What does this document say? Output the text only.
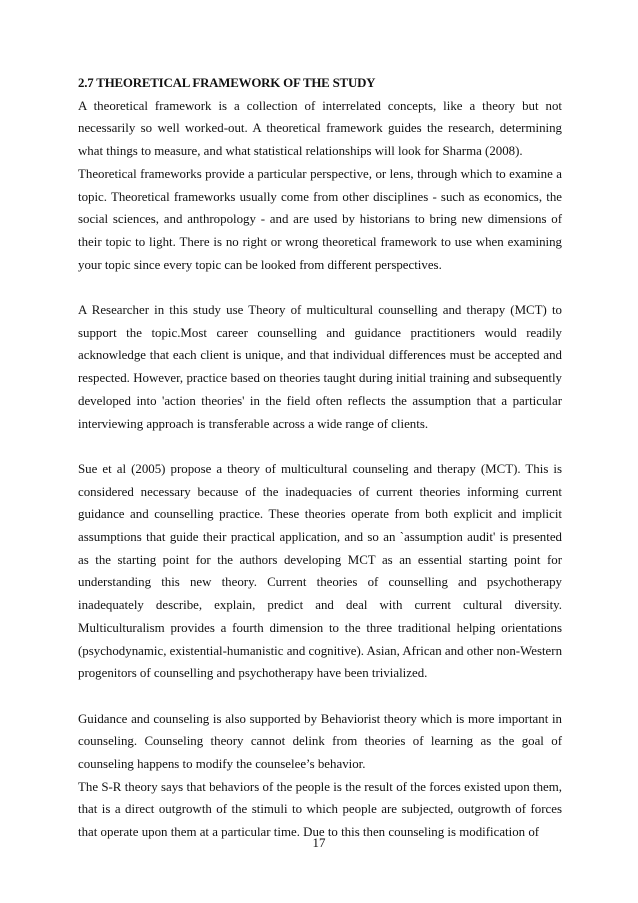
2.7 THEORETICAL FRAMEWORK OF THE STUDY

A theoretical framework is a collection of interrelated concepts, like a theory but not necessarily so well worked-out. A theoretical framework guides the research, determining what things to measure, and what statistical relationships will look for Sharma (2008).

Theoretical frameworks provide a particular perspective, or lens, through which to examine a topic. Theoretical frameworks usually come from other disciplines - such as economics, the social sciences, and anthropology - and are used by historians to bring new dimensions of their topic to light. There is no right or wrong theoretical framework to use when examining your topic since every topic can be looked from different perspectives.

A Researcher in this study use Theory of multicultural counselling and therapy (MCT) to support the topic.Most career counselling and guidance practitioners would readily acknowledge that each client is unique, and that individual differences must be accepted and respected. However, practice based on theories taught during initial training and subsequently developed into 'action theories' in the field often reflects the assumption that a particular interviewing approach is transferable across a wide range of clients.

Sue et al (2005) propose a theory of multicultural counseling and therapy (MCT). This is considered necessary because of the inadequacies of current theories informing current guidance and counselling practice. These theories operate from both explicit and implicit assumptions that guide their practical application, and so an `assumption audit' is presented as the starting point for the authors developing MCT as an essential starting point for understanding this new theory. Current theories of counselling and psychotherapy inadequately describe, explain, predict and deal with current cultural diversity. Multiculturalism provides a fourth dimension to the three traditional helping orientations (psychodynamic, existential-humanistic and cognitive). Asian, African and other non-Western progenitors of counselling and psychotherapy have been trivialized.

Guidance and counseling is also supported by Behaviorist theory which is more important in counseling. Counseling theory cannot delink from theories of learning as the goal of counseling happens to modify the counselee’s behavior.

The S-R theory says that behaviors of the people is the result of the forces existed upon them, that is a direct outgrowth of the stimuli to which people are subjected, outgrowth of forces that operate upon them at a particular time. Due to this then counseling is modification of

17
